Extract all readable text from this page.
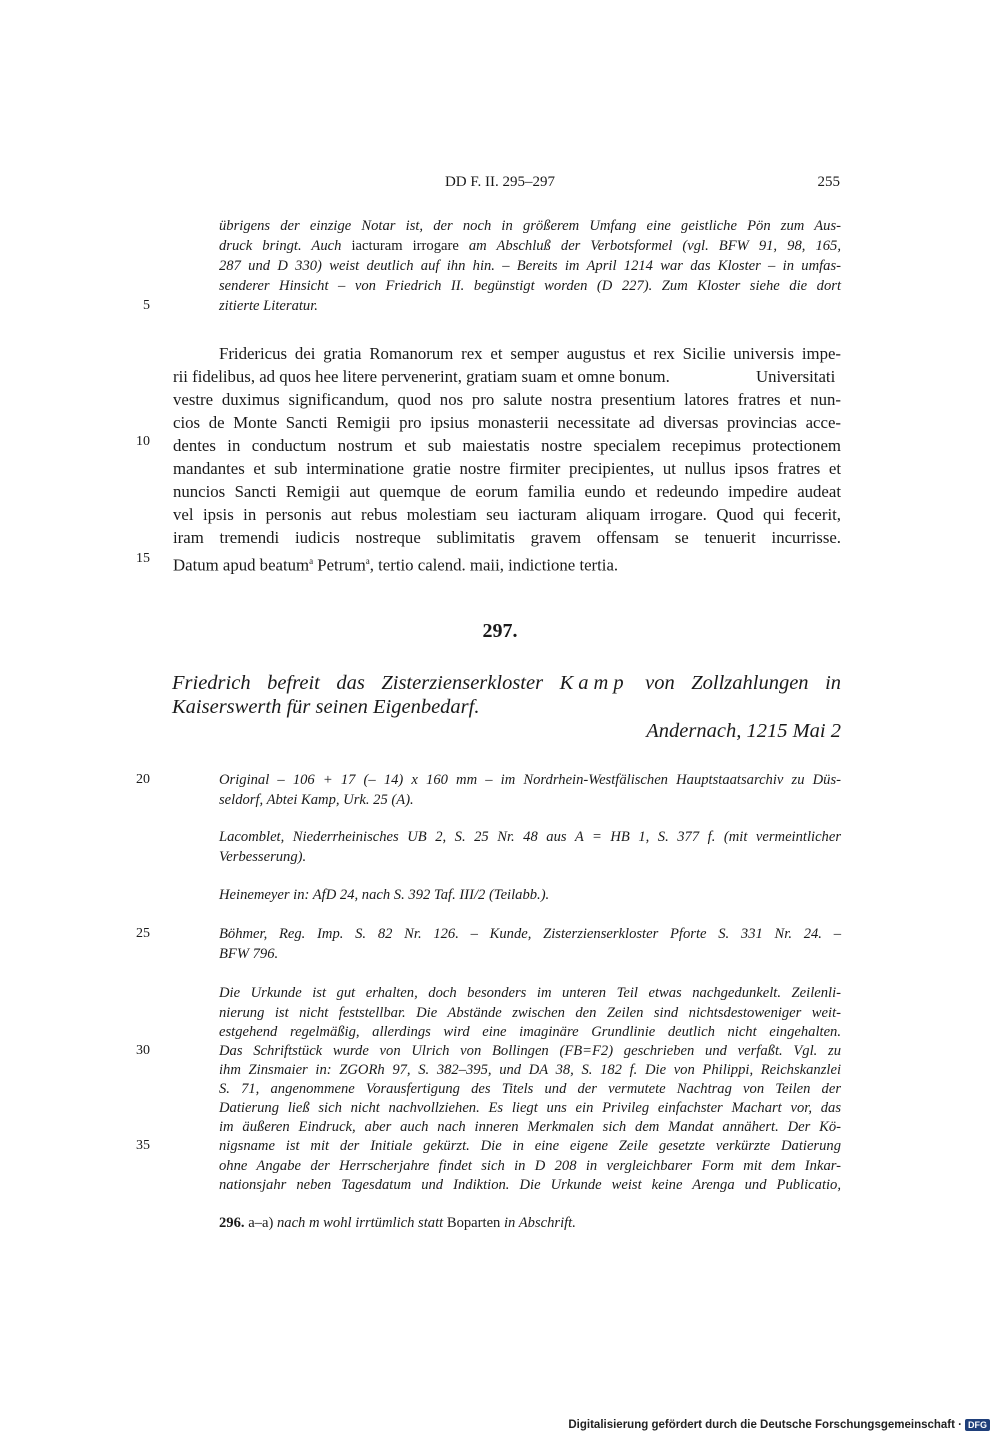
DD F. II. 295–297	255
übrigens der einzige Notar ist, der noch in größerem Umfang eine geistliche Pön zum Aus-
druck bringt. Auch iacturam irrogare am Abschluß der Verbotsformel (vgl. BFW 91, 98, 165,
287 und D 330) weist deutlich auf ihn hin. – Bereits im April 1214 war das Kloster – in umfas-
senderer Hinsicht – von Friedrich II. begünstigt worden (D 227). Zum Kloster siehe die dort
zitierte Literatur.
5
Fridericus dei gratia Romanorum rex et semper augustus et rex Sicilie universis impe-
rii fidelibus, ad quos hee litere pervenerint, gratiam suam et omne bonum.	Universitati
vestre duximus significandum, quod nos pro salute nostra presentium latores fratres et nun-
cios de Monte Sancti Remigii pro ipsius monasterii necessitate ad diversas provincias acce-
dentes in conductum nostrum et sub maiestatis nostre specialem recepimus protectionem
mandantes et sub interminatione gratie nostre firmiter precipientes, ut nullus ipsos fratres et
nuncios Sancti Remigii aut quemque de eorum familia eundo et redeundo impedire audeat
vel ipsis in personis aut rebus molestiam seu iacturam aliquam irrogare. Quod qui fecerit,
iram tremendi iudicis nostreque sublimitatis gravem offensam se tenuerit incurrisse.
Datum apud beatum$^a$ Petrum$^a$, tertio calend. maii, indictione tertia.
10
15
297.
Friedrich befreit das Zisterzienserkloster Kamp von Zollzahlungen in
Kaiserswerth für seinen Eigenbedarf.
Andernach, 1215 Mai 2
Original – 106 + 17 (– 14) x 160 mm – im Nordrhein-Westfälischen Hauptstaatsarchiv zu Düs-
seldorf, Abtei Kamp, Urk. 25 (A).
Lacomblet, Niederrheinisches UB 2, S. 25 Nr. 48 aus A = HB 1, S. 377 f. (mit vermeintlicher
Verbesserung).
Heinemeyer in: AfD 24, nach S. 392 Taf. III/2 (Teilabb.).
Böhmer, Reg. Imp. S. 82 Nr. 126. – Kunde, Zisterzienserkloster Pforte S. 331 Nr. 24. –
BFW 796.
20
25
Die Urkunde ist gut erhalten, doch besonders im unteren Teil etwas nachgedunkelt. Zeilenli-
nierung ist nicht feststellbar. Die Abstände zwischen den Zeilen sind nichtsdestoweniger weit-
estgehend regelmäßig, allerdings wird eine imaginäre Grundlinie deutlich nicht eingehalten.
Das Schriftstück wurde von Ulrich von Bollingen (FB=F2) geschrieben und verfaßt. Vgl. zu
ihm Zinsmaier in: ZGORh 97, S. 382–395, und DA 38, S. 182 f. Die von Philippi, Reichskanzlei
S. 71, angenommene Vorausfertigung des Titels und der vermutete Nachtrag von Teilen der
Datierung ließ sich nicht nachvollziehen. Es liegt uns ein Privileg einfachster Machart vor, das
im äußeren Eindruck, aber auch nach inneren Merkmalen sich dem Mandat annähert. Der Kö-
nigsname ist mit der Initiale gekürzt. Die in eine eigene Zeile gesetzte verkürzte Datierung
ohne Angabe der Herrscherjahre findet sich in D 208 in vergleichbarer Form mit dem Inkar-
nationsjahr neben Tagesdatum und Indiktion. Die Urkunde weist keine Arenga und Publicatio,
30
35
296. a–a) nach m wohl irrtümlich statt Boparten in Abschrift.
Digitalisierung gefördert durch die Deutsche Forschungsgemeinschaft · DFG
